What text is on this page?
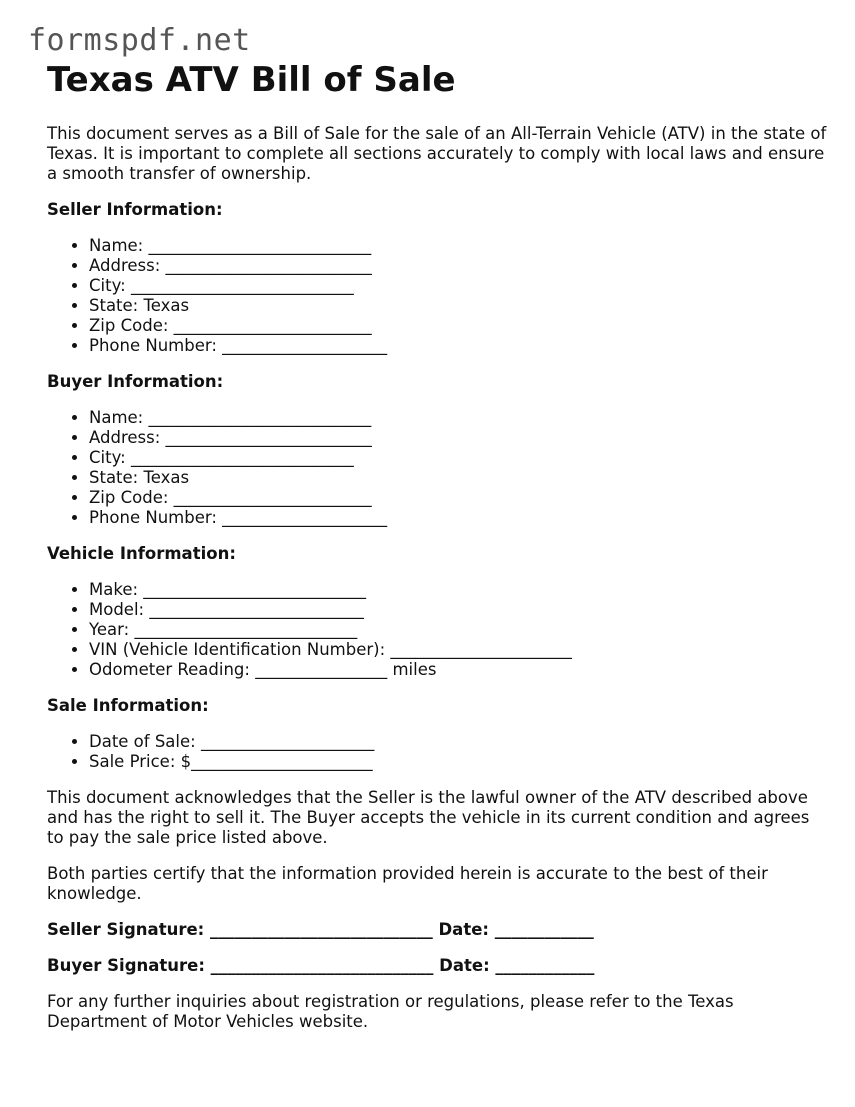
formspdf.net
Texas ATV Bill of Sale

This document serves as a Bill of Sale for the sale of an All-Terrain Vehicle (ATV) in the state of Texas. It is important to complete all sections accurately to comply with local laws and ensure a smooth transfer of ownership.

Seller Information:
• Name: ___________________________
• Address: _________________________
• City: ___________________________
• State: Texas
• Zip Code: ________________________
• Phone Number: ____________________
Buyer Information:
• Name: ___________________________
• Address: _________________________
• City: ___________________________
• State: Texas
• Zip Code: ________________________
• Phone Number: ____________________
Vehicle Information:
• Make: ___________________________
• Model: __________________________
• Year: ___________________________
• VIN (Vehicle Identification Number): ______________________
• Odometer Reading: ________________ miles
Sale Information:
• Date of Sale: _____________________
• Sale Price: $______________________

This document acknowledges that the Seller is the lawful owner of the ATV described above and has the right to sell it. The Buyer accepts the vehicle in its current condition and agrees to pay the sale price listed above.

Both parties certify that the information provided herein is accurate to the best of their knowledge.

Seller Signature: ___________________________ Date: ____________
Buyer Signature: ___________________________ Date: ____________

For any further inquiries about registration or regulations, please refer to the Texas Department of Motor Vehicles website.
